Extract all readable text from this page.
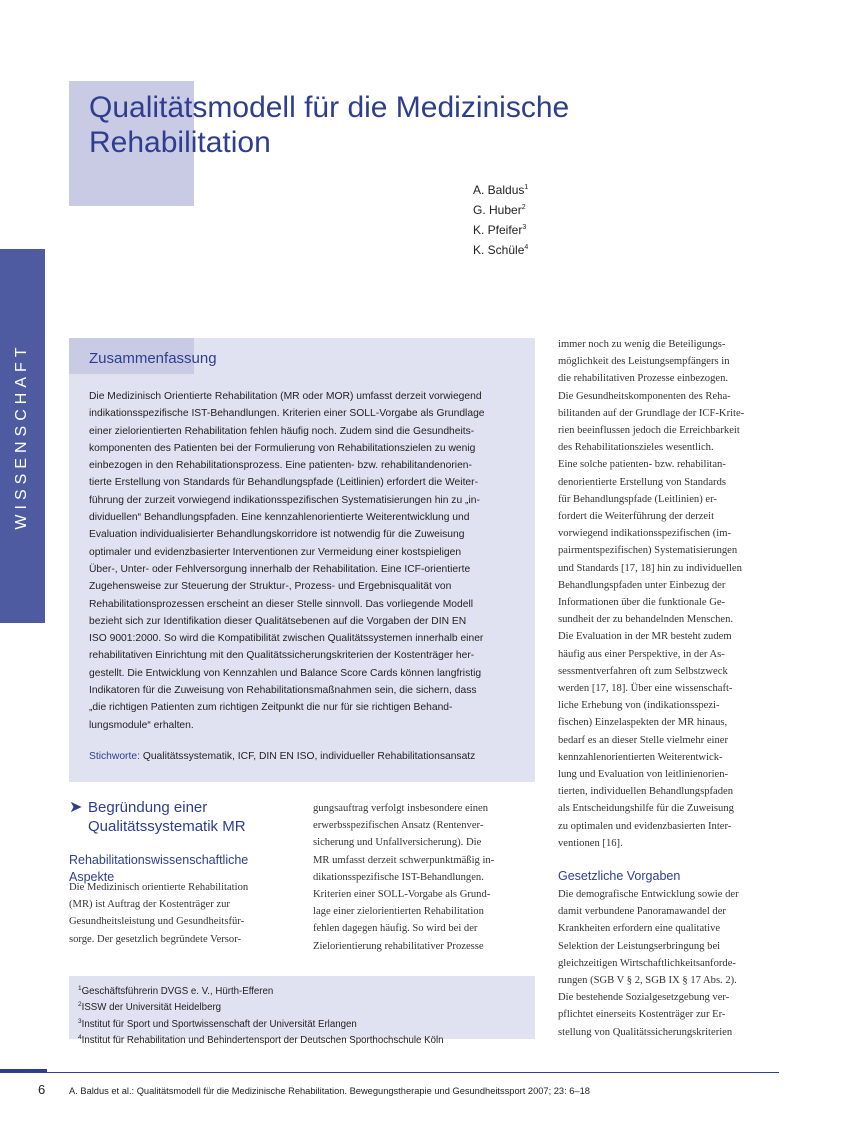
Qualitätsmodell für die Medizinische
Rehabilitation
A. Baldus$^1$
G. Huber$^2$
K. Pfeifer$^3$
K. Schüle$^4$
WISSENSCHAFT	Zusammenfassung

Die Medizinisch Orientierte Rehabilitation (MR oder MOR) umfasst derzeit vorwiegend
indikationsspezifische IST-Behandlungen. Kriterien einer SOLL-Vorgabe als Grundlage
einer zielorientierten Rehabilitation fehlen häufig noch. Zudem sind die Gesundheits-
komponenten des Patienten bei der Formulierung von Rehabilitationszielen zu wenig
einbezogen in den Rehabilitationsprozess. Eine patienten- bzw. rehabilitandenorien-
tierte Erstellung von Standards für Behandlungspfade (Leitlinien) erfordert die Weiter-
führung der zurzeit vorwiegend indikationsspezifischen Systematisierungen hin zu „in-
dividuellen“ Behandlungspfaden. Eine kennzahlenorientierte Weiterentwicklung und
Evaluation individualisierter Behandlungskorridore ist notwendig für die Zuweisung
optimaler und evidenzbasierter Interventionen zur Vermeidung einer kostspieligen
Über-, Unter- oder Fehlversorgung innerhalb der Rehabilitation. Eine ICF-orientierte
Zugehensweise zur Steuerung der Struktur-, Prozess- und Ergebnisqualität von
Rehabilitationsprozessen erscheint an dieser Stelle sinnvoll. Das vorliegende Modell
bezieht sich zur Identifikation dieser Qualitätsebenen auf die Vorgaben der DIN EN
ISO 9001:2000. So wird die Kompatibilität zwischen Qualitätssystemen innerhalb einer
rehabilitativen Einrichtung mit den Qualitätssicherungskriterien der Kostenträger her-
gestellt. Die Entwicklung von Kennzahlen und Balance Score Cards können langfristig
Indikatoren für die Zuweisung von Rehabilitationsmaßnahmen sein, die sichern, dass
„die richtigen Patienten zum richtigen Zeitpunkt die nur für sie richtigen Behand-
lungsmodule“ erhalten.

Stichworte: Qualitätssystematik, ICF, DIN EN ISO, individueller Rehabilitationsansatz

➤ Begründung einer
Qualitätssystematik MR
Rehabilitationswissenschaftliche Aspekte

Die Medizinisch orientierte Rehabilitation

(MR) ist Auftrag der Kostenträger zur

Gesundheitsleistung und Gesundheitsfür-

sorge. Der gesetzlich begründete Versor-

gungsauftrag verfolgt insbesondere einen

erwerbsspezifischen Ansatz (Rentenver-

sicherung und Unfallversicherung). Die

MR umfasst derzeit schwerpunktmäßig in-

dikationsspezifische IST-Behandlungen.

Kriterien einer SOLL-Vorgabe als Grund-

lage einer zielorientierten Rehabilitation

fehlen dagegen häufig. So wird bei der

Zielorientierung rehabilitativer Prozesse

immer noch zu wenig die Beteiligungs-

möglichkeit des Leistungsempfängers in

die rehabilitativen Prozesse einbezogen.

Die Gesundheitskomponenten des Reha-

bilitanden auf der Grundlage der ICF-Krite-

rien beeinflussen jedoch die Erreichbarkeit

des Rehabilitationszieles wesentlich.

Eine solche patienten- bzw. rehabilitan-

denorientierte Erstellung von Standards

für Behandlungspfade (Leitlinien) er-

fordert die Weiterführung der derzeit

vorwiegend indikationsspezifischen (im-

pairmentspezifischen) Systematisierungen

und Standards [17, 18] hin zu individuellen

Behandlungspfaden unter Einbezug der

Informationen über die funktionale Ge-

sundheit der zu behandelnden Menschen.

Die Evaluation in der MR besteht zudem

häufig aus einer Perspektive, in der As-

sessmentverfahren oft zum Selbstzweck

werden [17, 18]. Über eine wissenschaft-

liche Erhebung von (indikationsspezi-

fischen) Einzelaspekten der MR hinaus,

bedarf es an dieser Stelle vielmehr einer

kennzahlenorientierten Weiterentwick-

lung und Evaluation von leitlinienorien-

tierten, individuellen Behandlungspfaden

als Entscheidungshilfe für die Zuweisung

zu optimalen und evidenzbasierten Inter-

ventionen [16].

Gesetzliche Vorgaben

Die demografische Entwicklung sowie der

damit verbundene Panoramawandel der

Krankheiten erfordern eine qualitative

Selektion der Leistungserbringung bei

gleichzeitigen Wirtschaftlichkeitsanforde-

rungen (SGB V § 2, SGB IX § 17 Abs. 2).

Die bestehende Sozialgesetzgebung ver-

pflichtet einerseits Kostenträger zur Er-

stellung von Qualitätssicherungskriterien

$^1$Geschäftsführerin DVGS e. V., Hürth-Efferen
$^2$ISSW der Universität Heidelberg
$^3$Institut für Sport und Sportwissenschaft der Universität Erlangen
$^4$Institut für Rehabilitation und Behindertensport der Deutschen Sporthochschule Köln
6	A. Baldus et al.: Qualitätsmodell für die Medizinische Rehabilitation. Bewegungstherapie und Gesundheitssport 2007; 23: 6–18
